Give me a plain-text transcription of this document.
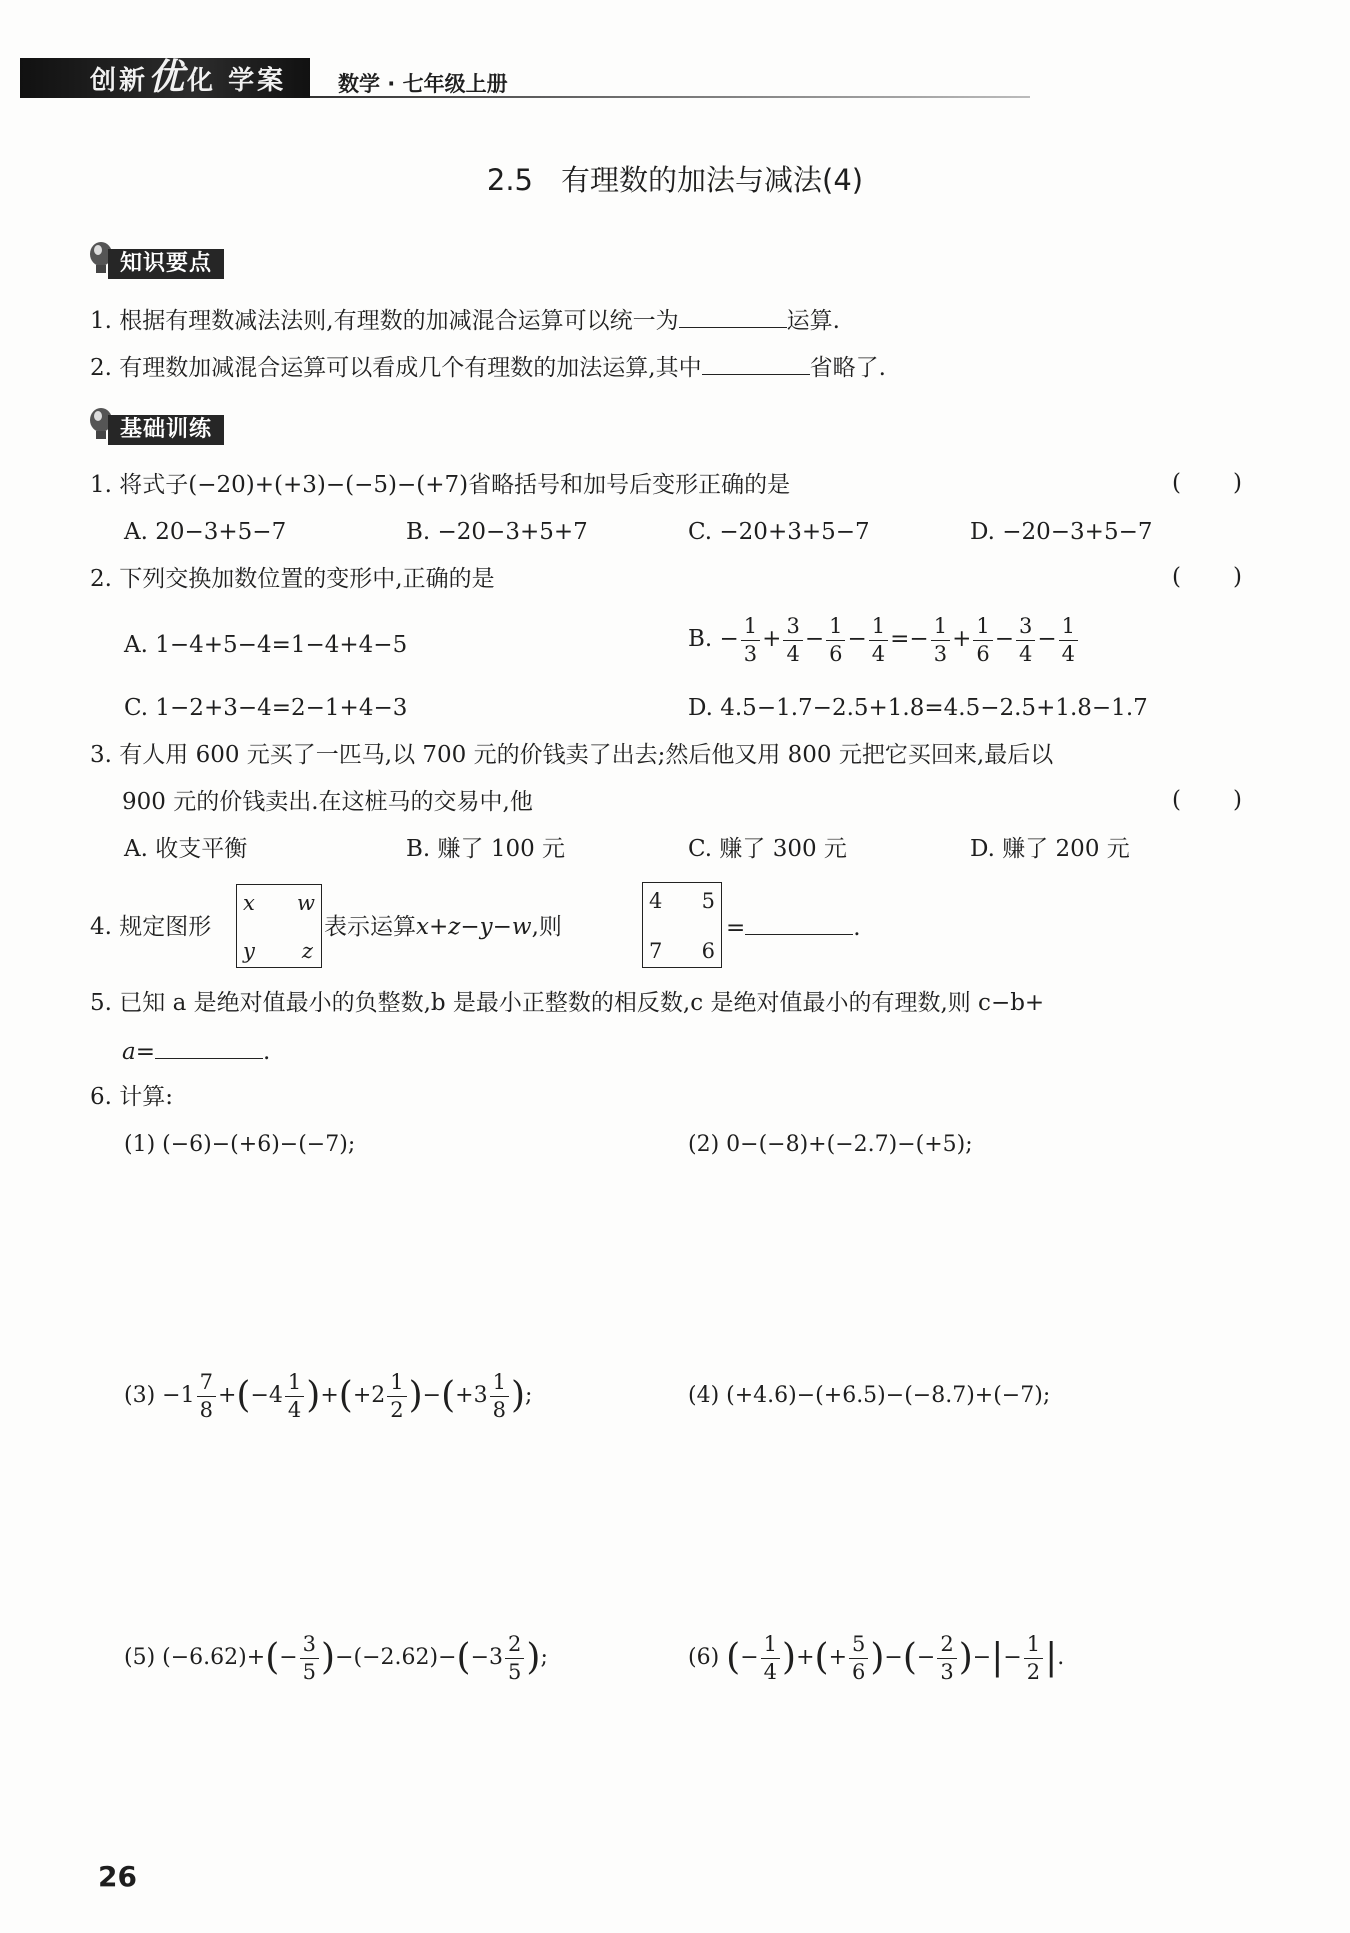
创新优化 学案 数学 · 七年级上册
2.5 有理数的加法与减法(4)
知识要点
1. 根据有理数减法法则,有理数的加减混合运算可以统一为	运算.
2. 有理数加减混合运算可以看成几个有理数的加法运算,其中	省略了.
基础训练
1. 将式子(−20)+(+3)−(−5)−(+7)省略括号和加号后变形正确的是	( )
A. 20−3+5−7	B. −20−3+5+7	C. −20+3+5−7	D. −20−3+5−7
2. 下列交换加数位置的变形中,正确的是	( )
A. 1−4+5−4=1−4+4−5	B. − $\frac{1}{3} + \frac{3}{4} - \frac{1}{6} - \frac{1}{4} =- \frac{1}{3} + \frac{1}{6} - \frac{3}{4} - \frac{1}{4}$
C. 1−2+3−4=2−1+4−3	D. 4.5−1.7−2.5+1.8=4.5−2.5+1.8−1.7
3. 有人用 600 元买了一匹马,以 700 元的价钱卖了出去;然后他又用 800 元把它买回来,最后以
900 元的价钱卖出.在这桩马的交易中,他	( )
A. 收支平衡	B. 赚了 100 元	C. 赚了 300 元	D. 赚了 200 元
4. 规定图形
x w
y z
表示运算x+z−y−w,则
4 5
7 6
=	.
5. 已知 a 是绝对值最小的负整数,b 是最小正整数的相反数,c 是绝对值最小的有理数,则 c−b+
a=	.
6. 计算:
(1) (−6)−(+6)−(−7);	(2) 0−(−8)+(−2.7)−(+5);
$(3) -1 \frac{7}{8} +(-4 \frac{1}{4} )+(+2 \frac{1}{2} )-(+3 \frac{1}{8}$ );	(4) (+4.6)−(+6.5)−(−8.7)+(−7);
(5) $(-6.62)+(- \frac{3}{5} )-(-2.62)-(-3 \frac{2}{5}$ );	(6) (− $\frac{1}{4}$ )+(+ $\frac{5}{6}$ )−(− $\frac{2}{3}$ )−|− $\frac{1}{2}$ |.
26
